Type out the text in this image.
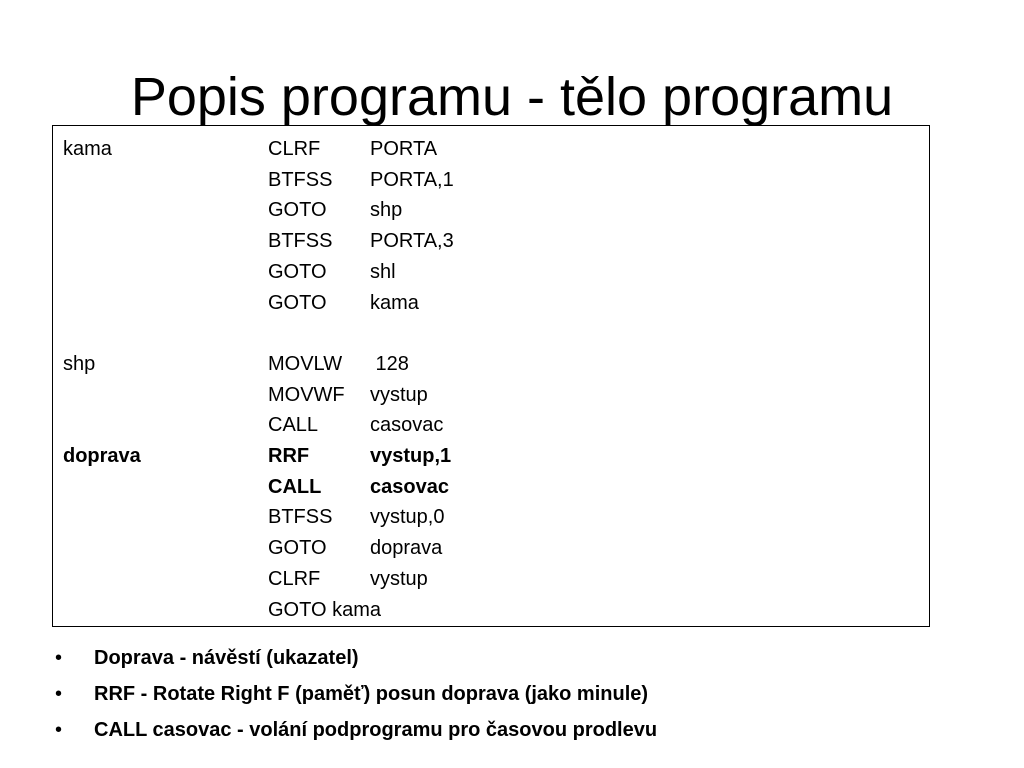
Popis programu - tělo programu
kama	CLRF PORTA
BTFSS PORTA,1
GOTO shp
BTFSS PORTA,3
GOTO shl
GOTO kama
shp	MOVLW 128
MOVWF vystup
CALL	casovac
doprava	RRF	vystup,1
CALL casovac
BTFSS vystup,0
GOTO doprava
CLRF vystup
GOTO kama
• Doprava - návěstí (ukazatel)
• RRF - Rotate Right F (paměť) posun doprava (jako minule)
• CALL casovac - volání podprogramu pro časovou prodlevu
